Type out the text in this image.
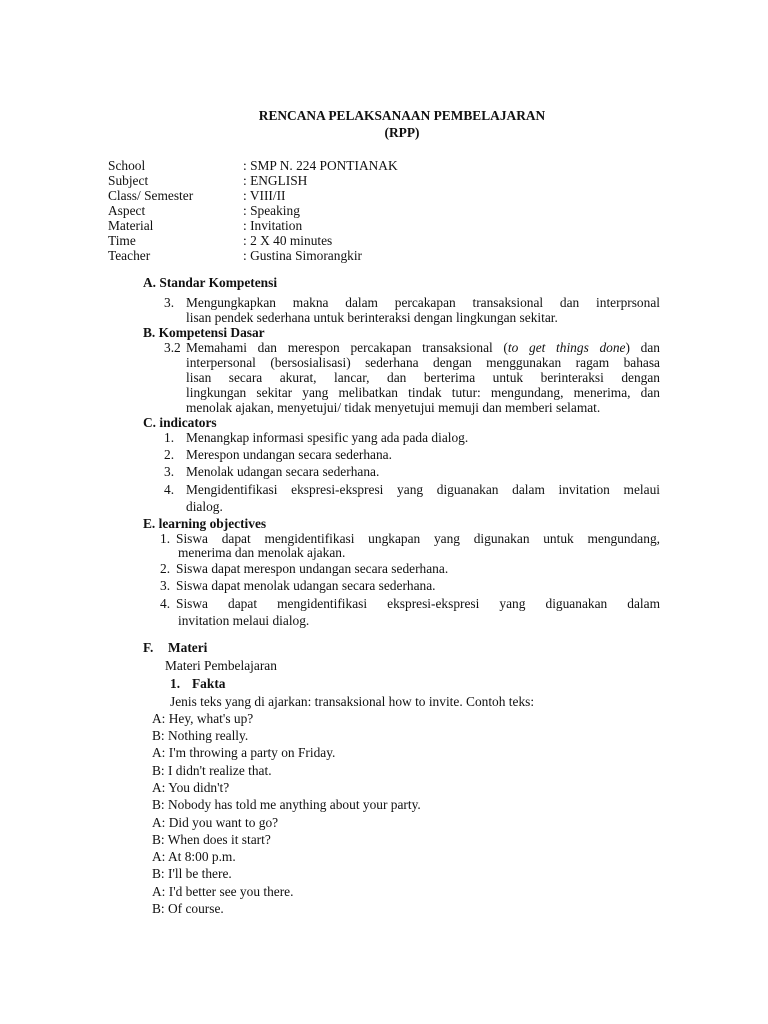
RENCANA PELAKSANAAN PEMBELAJARAN
(RPP)
School	: SMP N. 224 PONTIANAK
Subject	: ENGLISH
Class/ Semester	: VIII/II
Aspect	: Speaking
Material	: Invitation
Time	: 2 X 40 minutes
Teacher	: Gustina Simorangkir
A. Standar Kompetensi
3. Mengungkapkan makna dalam percakapan transaksional dan interprsonal
lisan pendek sederhana untuk berinteraksi dengan lingkungan sekitar.
B. Kompetensi Dasar
3.2 Memahami dan merespon percakapan transaksional (to get things done) dan
interpersonal (bersosialisasi) sederhana dengan menggunakan ragam bahasa
lisan secara akurat, lancar, dan berterima untuk berinteraksi dengan
lingkungan sekitar yang melibatkan tindak tutur: mengundang, menerima, dan
menolak ajakan, menyetujui/ tidak menyetujui memuji dan memberi selamat.
C. indicators
1. Menangkap informasi spesific yang ada pada dialog.
2. Merespon undangan secara sederhana.
3. Menolak udangan secara sederhana.
4. Mengidentifikasi ekspresi-ekspresi yang diguanakan dalam invitation melaui
dialog.
E. learning objectives
1. Siswa dapat mengidentifikasi ungkapan yang digunakan untuk mengundang,
menerima dan menolak ajakan.
2. Siswa dapat merespon undangan secara sederhana.
3. Siswa dapat menolak udangan secara sederhana.
4. Siswa dapat mengidentifikasi ekspresi-ekspresi yang diguanakan dalam
invitation melaui dialog.
F. Materi
Materi Pembelajaran
1. Fakta
Jenis teks yang di ajarkan: transaksional how to invite. Contoh teks:
A: Hey, what's up?
B: Nothing really.
A: I'm throwing a party on Friday.
B: I didn't realize that.
A: You didn't?
B: Nobody has told me anything about your party.
A: Did you want to go?
B: When does it start?
A: At 8:00 p.m.
B: I'll be there.
A: I'd better see you there.
B: Of course.
